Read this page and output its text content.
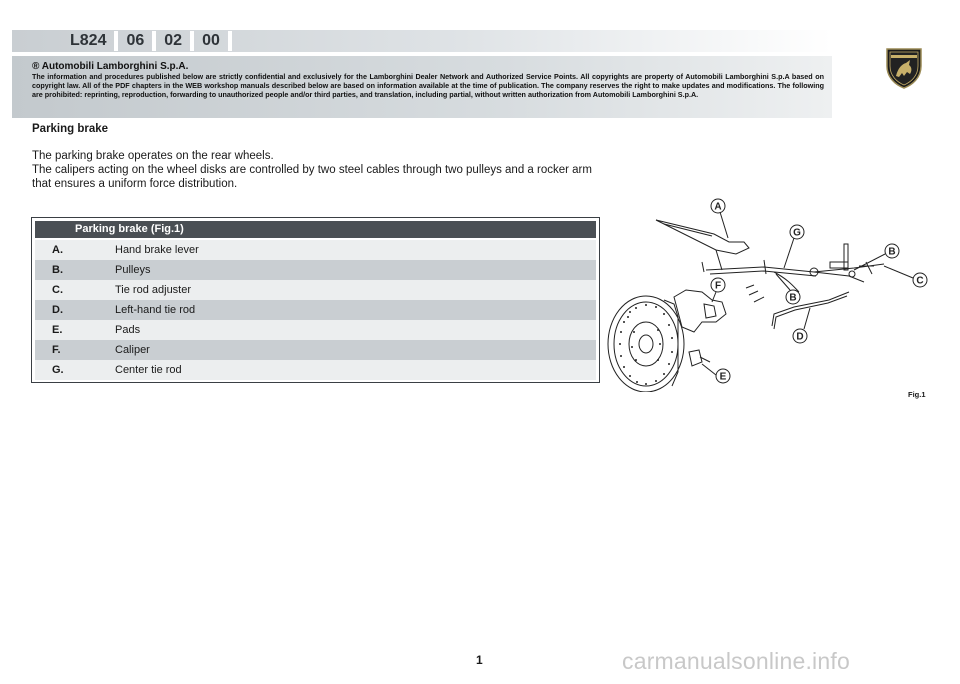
L824	06	02	00
® Automobili Lamborghini S.p.A.
The information and procedures published below are strictly confidential and exclusively for the Lamborghini Dealer Network and Authorized Service Points. All copyrights are property of Automobili Lamborghini S.p.A based on copyright law. All of the PDF chapters in the WEB workshop manuals described below are based on information available at the time of publication. The company reserves the right to make updates and modifications. The following are prohibited: reprinting, reproduction, forwarding to unauthorized people and/or third parties, and translation, including partial, without written authorization from Automobili Lamborghini S.p.A.
Parking brake
The parking brake operates on the rear wheels.
The calipers acting on the wheel disks are controlled by two steel cables through two pulleys and a rocker arm that ensures a uniform force distribution.
Parking brake (Fig.1)
A.	Hand brake lever
B.	Pulleys
C.	Tie rod adjuster
D.	Left-hand tie rod
E.	Pads
F.	Caliper
G.	Center tie rod
A
G
B
C
F
B
D
E
Fig.1
1	carmanualsonline.info
